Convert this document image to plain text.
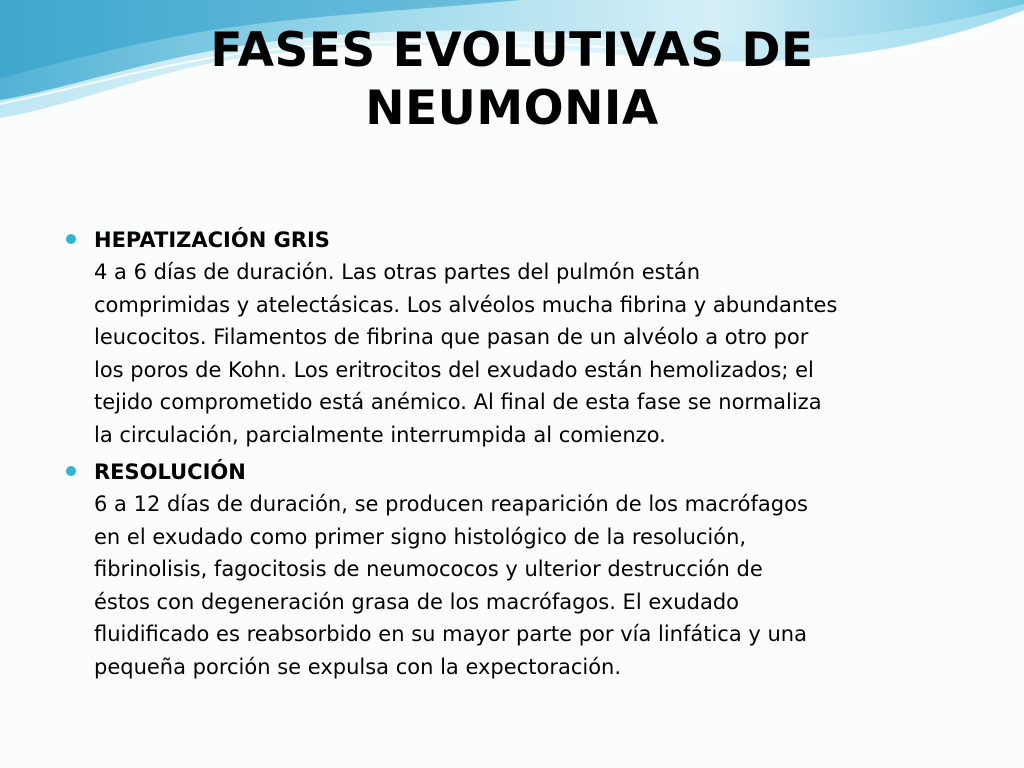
FASES EVOLUTIVAS DE
NEUMONIA
HEPATIZACIÓN GRIS
4 a 6 días de duración. Las otras partes del pulmón están
comprimidas y atelectásicas. Los alvéolos mucha fibrina y abundantes
leucocitos. Filamentos de fibrina que pasan de un alvéolo a otro por
los poros de Kohn. Los eritrocitos del exudado están hemolizados; el
tejido comprometido está anémico. Al final de esta fase se normaliza
la circulación, parcialmente interrumpida al comienzo.
RESOLUCIÓN
6 a 12 días de duración, se producen reaparición de los macrófagos
en el exudado como primer signo histológico de la resolución,
fibrinolisis, fagocitosis de neumococos y ulterior destrucción de
éstos con degeneración grasa de los macrófagos. El exudado
fluidificado es reabsorbido en su mayor parte por vía linfática y una
pequeña porción se expulsa con la expectoración.
